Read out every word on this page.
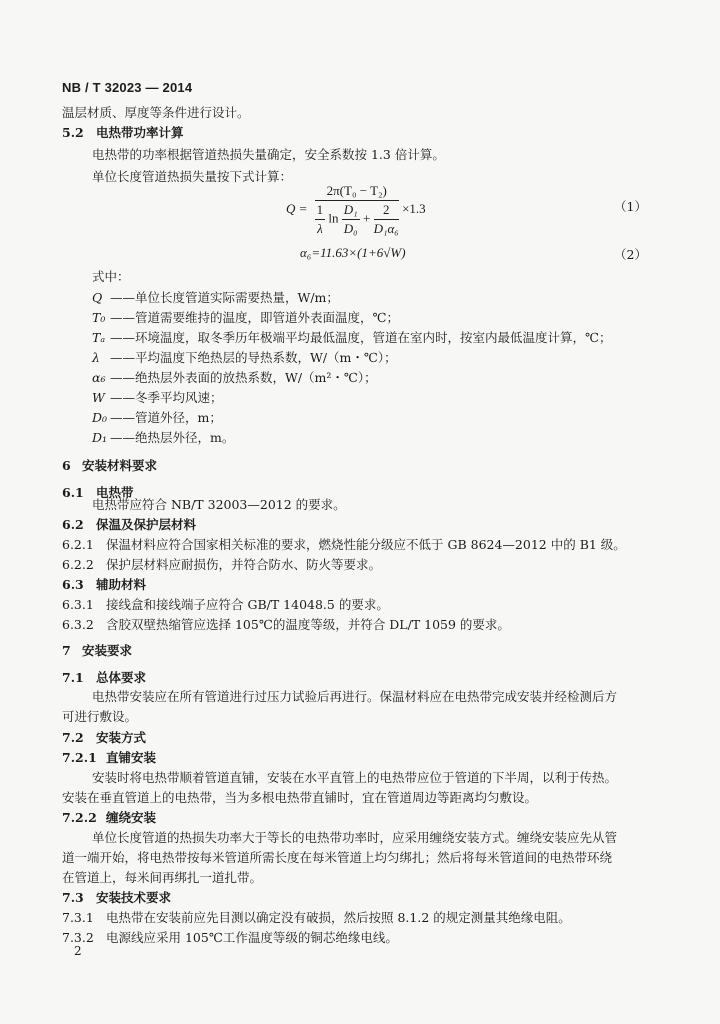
NB / T 32023 — 2014
温层材质、厚度等条件进行设计。
5.2 电热带功率计算
电热带的功率根据管道热损失量确定，安全系数按 1.3 倍计算。
单位长度管道热损失量按下式计算：
Q =
2π(T₀ − T₂)
$\frac{1}{\lambda}$ $\ln \frac{\text{D₁}}{\text{D₀}} + \frac{2}{\text{D₁α₆}} \times 1.3$	（1）
α₆=11.63×(1+6√W)	（2）
式中：
Q ——单位长度管道实际需要热量，W/m；
T₀ ——管道需要维持的温度，即管道外表面温度，℃；
Tₐ ——环境温度，取冬季历年极端平均最低温度，管道在室内时，按室内最低温度计算，℃；
λ ——平均温度下绝热层的导热系数，W/（m・℃）；
α₆ ——绝热层外表面的放热系数，W/（m²・℃）；
W ——冬季平均风速；
D₀ ——管道外径，m；
D₁ ——绝热层外径，m。
6 安装材料要求
6.1 电热带
电热带应符合 NB/T 32003—2012 的要求。
6.2 保温及保护层材料
6.2.1 保温材料应符合国家相关标准的要求，燃烧性能分级应不低于 GB 8624—2012 中的 B1 级。
6.2.2 保护层材料应耐损伤，并符合防水、防火等要求。
6.3 辅助材料
6.3.1 接线盒和接线端子应符合 GB/T 14048.5 的要求。
6.3.2 含胶双壁热缩管应选择 105℃的温度等级，并符合 DL/T 1059 的要求。
7 安装要求
7.1 总体要求
电热带安装应在所有管道进行过压力试验后再进行。保温材料应在电热带完成安装并经检测后方
可进行敷设。
7.2 安装方式
7.2.1 直铺安装
安装时将电热带顺着管道直铺，安装在水平直管上的电热带应位于管道的下半周，以利于传热。
安装在垂直管道上的电热带，当为多根电热带直铺时，宜在管道周边等距离均匀敷设。
7.2.2 缠绕安装
单位长度管道的热损失功率大于等长的电热带功率时，应采用缠绕安装方式。缠绕安装应先从管
道一端开始，将电热带按每米管道所需长度在每米管道上均匀绑扎；然后将每米管道间的电热带环绕
在管道上，每米间再绑扎一道扎带。
7.3 安装技术要求
7.3.1 电热带在安装前应先目测以确定没有破损，然后按照 8.1.2 的规定测量其绝缘电阻。
7.3.2 电源线应采用 105℃工作温度等级的铜芯绝缘电线。
2
